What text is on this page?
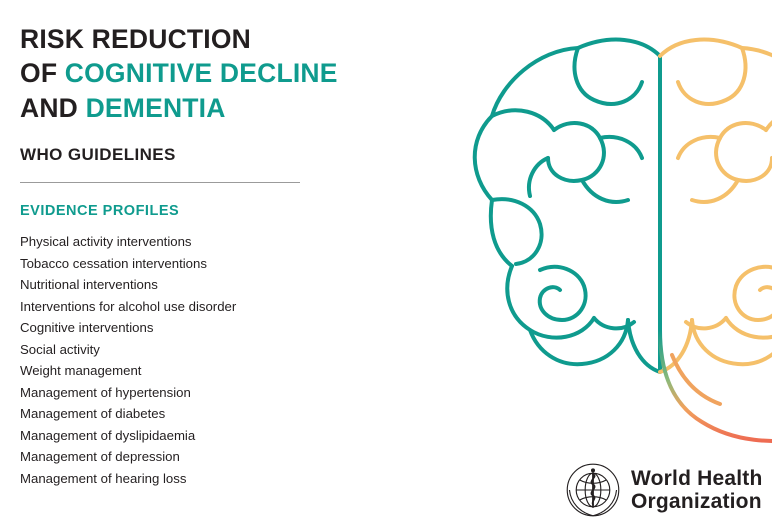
RISK REDUCTION
OF COGNITIVE DECLINE
AND DEMENTIA
WHO GUIDELINES
EVIDENCE PROFILES
Physical activity interventions
Tobacco cessation interventions
Nutritional interventions
Interventions for alcohol use disorder
Cognitive interventions
Social activity
Weight management
Management of hypertension
Management of diabetes
Management of dyslipidaemia
Management of depression
Management of hearing loss	World Health
Organization
